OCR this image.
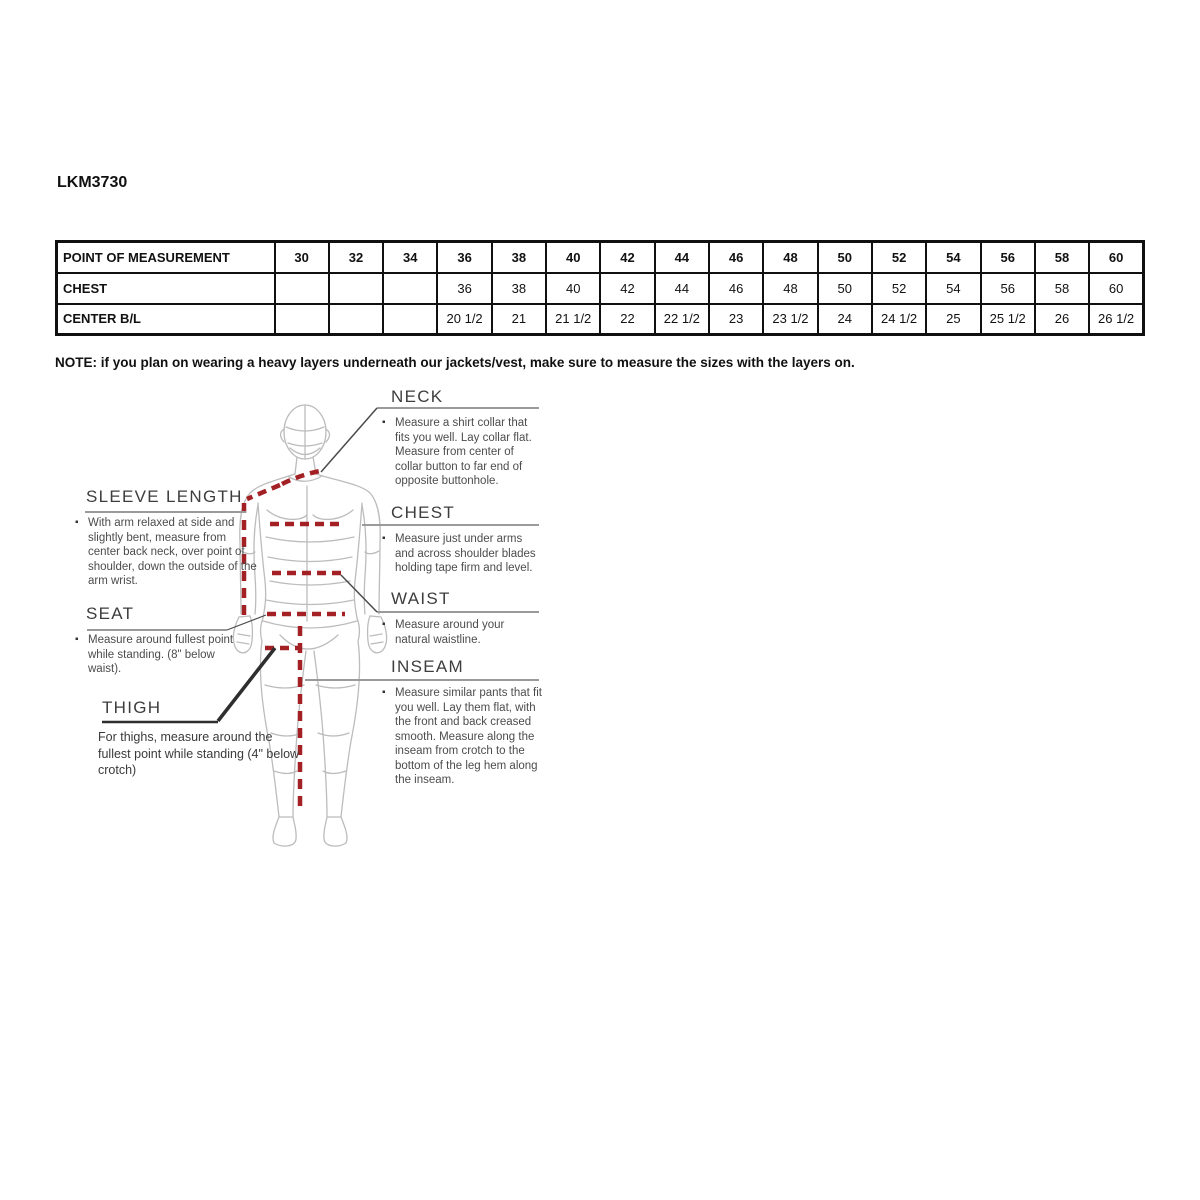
LKM3730
POINT OF MEASUREMENT	30	32	34	36	38	40	42	44	46	48	50	52	54	56	58	60
CHEST				36	38	40	42	44	46	48	50	52	54	56	58	60
CENTER B/L				20 1/2	21	21 1/2	22	22 1/2	23	23 1/2	24	24 1/2	25	25 1/2	26	26 1/2
NOTE: if you plan on wearing a heavy layers underneath our jackets/vest, make sure to measure the sizes with the layers on.
NECK
▪ Measure a shirt collar that fits you well. Lay collar flat. Measure from center of collar button to far end of opposite buttonhole.
CHEST
▪ Measure just under arms and across shoulder blades holding tape firm and level.
WAIST
▪ Measure around your natural waistline.
INSEAM
▪ Measure similar pants that fit you well. Lay them flat, with the front and back creased smooth. Measure along the inseam from crotch to the bottom of the leg hem along the inseam.
SLEEVE LENGTH
▪ With arm relaxed at side and slightly bent, measure from center back neck, over point of shoulder, down the outside of the arm wrist.
SEAT
▪ Measure around fullest point while standing. (8" below waist).
THIGH
For thighs, measure around the fullest point while standing (4" below crotch)
